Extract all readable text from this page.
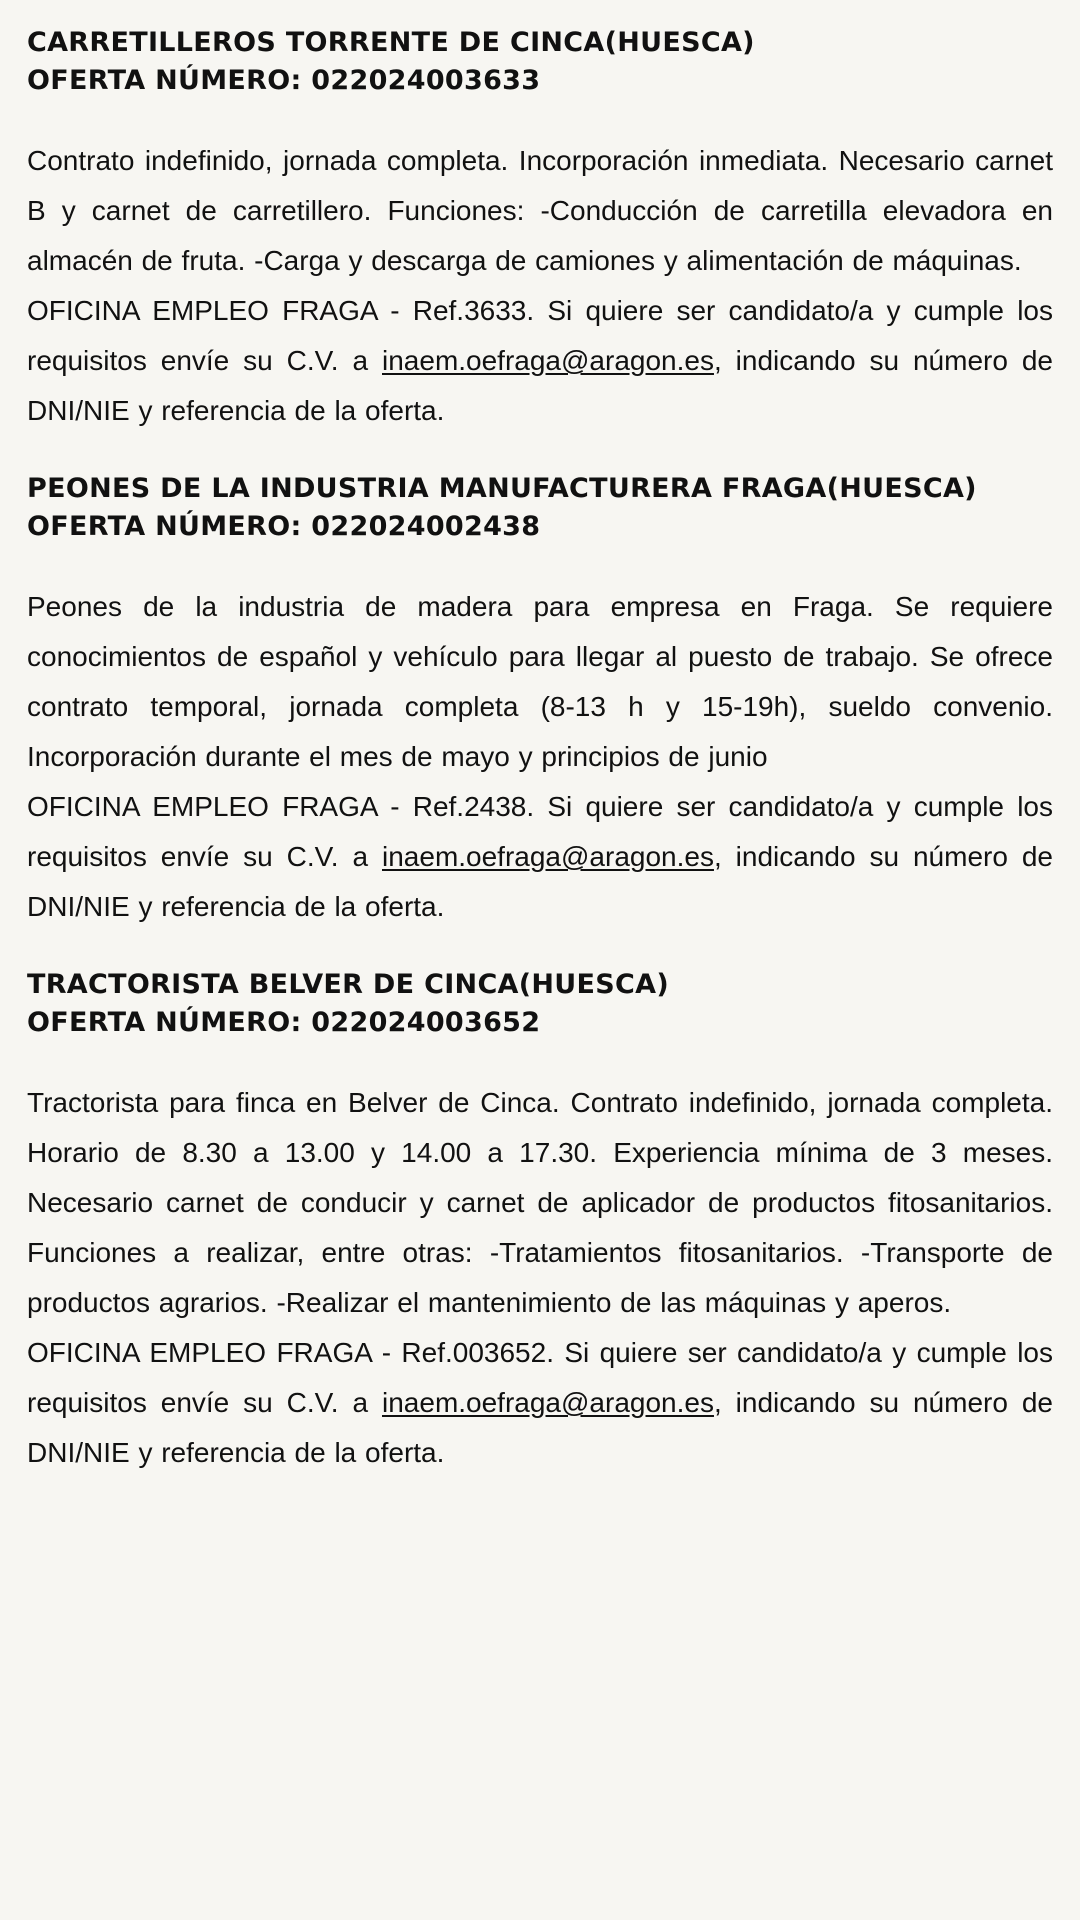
CARRETILLEROS TORRENTE DE CINCA(HUESCA)
OFERTA NÚMERO: 022024003633

Contrato indefinido, jornada completa. Incorporación inmediata. Necesario carnet B y carnet de carretillero. Funciones: -Conducción de carretilla elevadora en almacén de fruta. -Carga y descarga de camiones y alimentación de máquinas.

OFICINA EMPLEO FRAGA - Ref.3633. Si quiere ser candidato/a y cumple los requisitos envíe su C.V. a inaem.oefraga@aragon.es, indicando su número de DNI/NIE y referencia de la oferta.

PEONES DE LA INDUSTRIA MANUFACTURERA FRAGA(HUESCA)
OFERTA NÚMERO: 022024002438

Peones de la industria de madera para empresa en Fraga. Se requiere conocimientos de español y vehículo para llegar al puesto de trabajo. Se ofrece contrato temporal, jornada completa (8-13 h y 15-19h), sueldo convenio. Incorporación durante el mes de mayo y principios de junio

OFICINA EMPLEO FRAGA - Ref.2438. Si quiere ser candidato/a y cumple los requisitos envíe su C.V. a inaem.oefraga@aragon.es, indicando su número de DNI/NIE y referencia de la oferta.

TRACTORISTA BELVER DE CINCA(HUESCA)
OFERTA NÚMERO: 022024003652

Tractorista para finca en Belver de Cinca. Contrato indefinido, jornada completa. Horario de 8.30 a 13.00 y 14.00 a 17.30. Experiencia mínima de 3 meses. Necesario carnet de conducir y carnet de aplicador de productos fitosanitarios. Funciones a realizar, entre otras: -Tratamientos fitosanitarios. -Transporte de productos agrarios. -Realizar el mantenimiento de las máquinas y aperos.

OFICINA EMPLEO FRAGA - Ref.003652. Si quiere ser candidato/a y cumple los requisitos envíe su C.V. a inaem.oefraga@aragon.es, indicando su número de DNI/NIE y referencia de la oferta.
